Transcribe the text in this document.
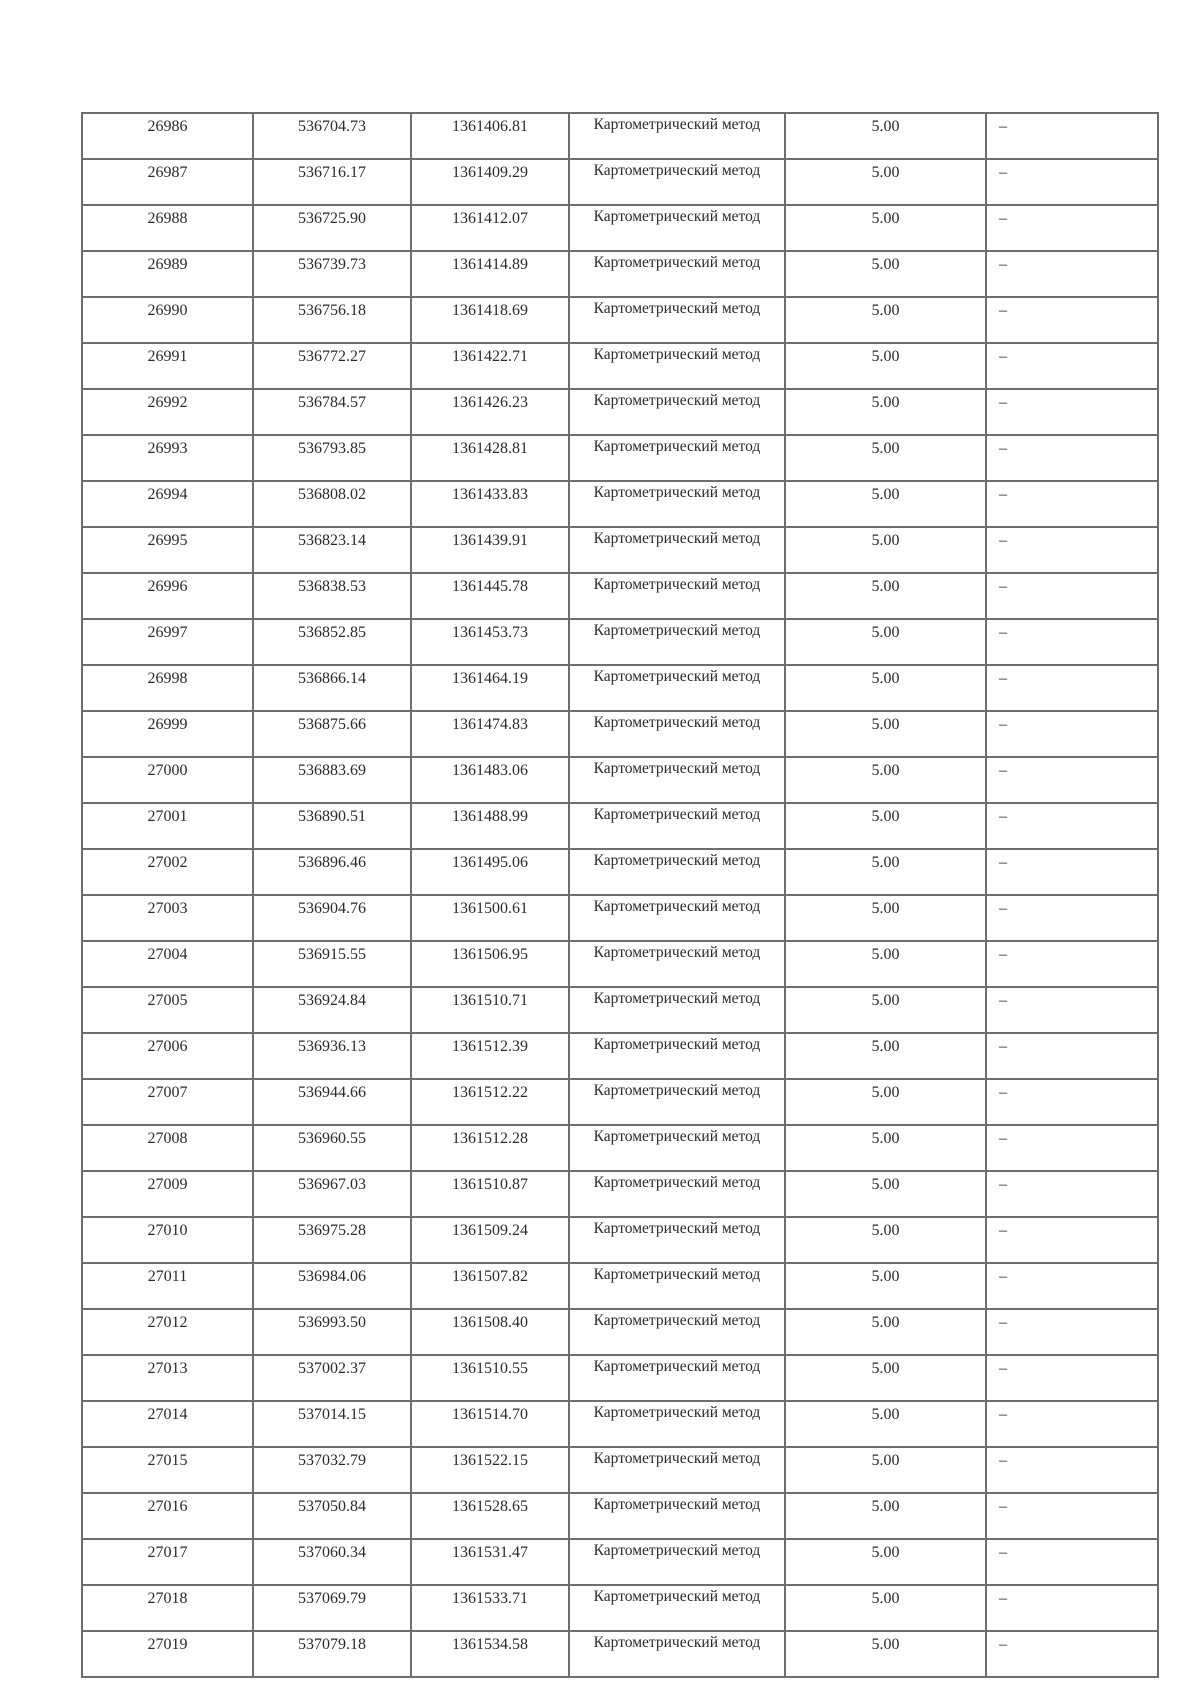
26986	536704.73	1361406.81	Картометрический метод	5.00	–
26987	536716.17	1361409.29	Картометрический метод	5.00	–
26988	536725.90	1361412.07	Картометрический метод	5.00	–
26989	536739.73	1361414.89	Картометрический метод	5.00	–
26990	536756.18	1361418.69	Картометрический метод	5.00	–
26991	536772.27	1361422.71	Картометрический метод	5.00	–
26992	536784.57	1361426.23	Картометрический метод	5.00	–
26993	536793.85	1361428.81	Картометрический метод	5.00	–
26994	536808.02	1361433.83	Картометрический метод	5.00	–
26995	536823.14	1361439.91	Картометрический метод	5.00	–
26996	536838.53	1361445.78	Картометрический метод	5.00	–
26997	536852.85	1361453.73	Картометрический метод	5.00	–
26998	536866.14	1361464.19	Картометрический метод	5.00	–
26999	536875.66	1361474.83	Картометрический метод	5.00	–
27000	536883.69	1361483.06	Картометрический метод	5.00	–
27001	536890.51	1361488.99	Картометрический метод	5.00	–
27002	536896.46	1361495.06	Картометрический метод	5.00	–
27003	536904.76	1361500.61	Картометрический метод	5.00	–
27004	536915.55	1361506.95	Картометрический метод	5.00	–
27005	536924.84	1361510.71	Картометрический метод	5.00	–
27006	536936.13	1361512.39	Картометрический метод	5.00	–
27007	536944.66	1361512.22	Картометрический метод	5.00	–
27008	536960.55	1361512.28	Картометрический метод	5.00	–
27009	536967.03	1361510.87	Картометрический метод	5.00	–
27010	536975.28	1361509.24	Картометрический метод	5.00	–
27011	536984.06	1361507.82	Картометрический метод	5.00	–
27012	536993.50	1361508.40	Картометрический метод	5.00	–
27013	537002.37	1361510.55	Картометрический метод	5.00	–
27014	537014.15	1361514.70	Картометрический метод	5.00	–
27015	537032.79	1361522.15	Картометрический метод	5.00	–
27016	537050.84	1361528.65	Картометрический метод	5.00	–
27017	537060.34	1361531.47	Картометрический метод	5.00	–
27018	537069.79	1361533.71	Картометрический метод	5.00	–
27019	537079.18	1361534.58	Картометрический метод	5.00	–
